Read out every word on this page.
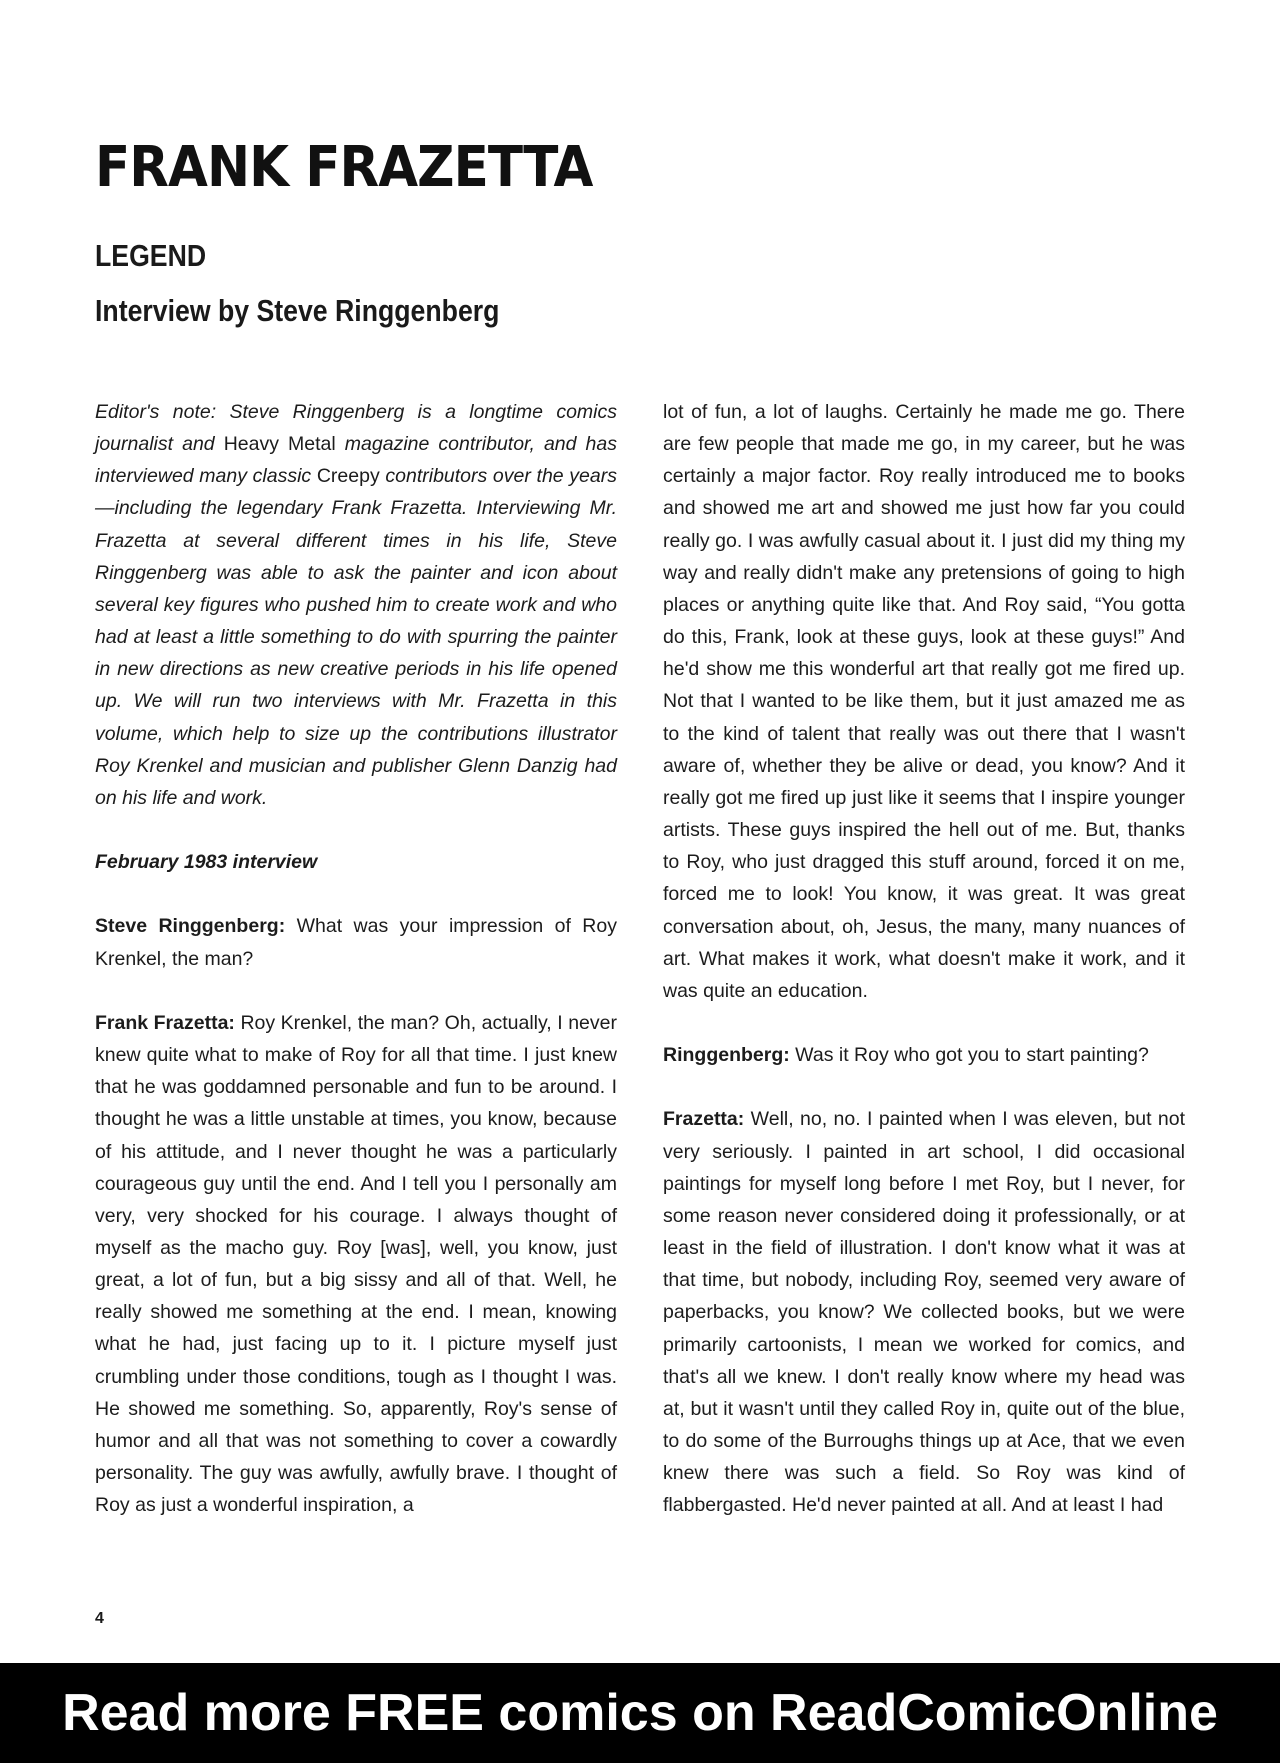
FRANK FRAZETTA
LEGEND
Interview by Steve Ringgenberg

Editor's note: Steve Ringgenberg is a longtime comics journalist and Heavy Metal magazine contributor, and has interviewed many classic Creepy contributors over the years—including the legendary Frank Frazetta. Interviewing Mr. Frazetta at several different times in his life, Steve Ringgenberg was able to ask the painter and icon about several key figures who pushed him to create work and who had at least a little something to do with spurring the painter in new directions as new creative periods in his life opened up. We will run two interviews with Mr. Frazetta in this volume, which help to size up the contributions illustrator Roy Krenkel and musician and publisher Glenn Danzig had on his life and work.

February 1983 interview

Steve Ringgenberg: What was your impression of Roy Krenkel, the man?

Frank Frazetta: Roy Krenkel, the man? Oh, actually, I never knew quite what to make of Roy for all that time. I just knew that he was goddamned personable and fun to be around. I thought he was a little unstable at times, you know, because of his attitude, and I never thought he was a particularly courageous guy until the end. And I tell you I personally am very, very shocked for his courage. I always thought of myself as the macho guy. Roy [was], well, you know, just great, a lot of fun, but a big sissy and all of that. Well, he really showed me something at the end. I mean, knowing what he had, just facing up to it. I picture myself just crumbling under those conditions, tough as I thought I was. He showed me something. So, apparently, Roy's sense of humor and all that was not something to cover a cowardly personality. The guy was awfully, awfully brave. I thought of Roy as just a wonderful inspiration, a

lot of fun, a lot of laughs. Certainly he made me go. There are few people that made me go, in my career, but he was certainly a major factor. Roy really introduced me to books and showed me art and showed me just how far you could really go. I was awfully casual about it. I just did my thing my way and really didn't make any pretensions of going to high places or anything quite like that. And Roy said, “You gotta do this, Frank, look at these guys, look at these guys!” And he'd show me this wonderful art that really got me fired up. Not that I wanted to be like them, but it just amazed me as to the kind of talent that really was out there that I wasn't aware of, whether they be alive or dead, you know? And it really got me fired up just like it seems that I inspire younger artists. These guys inspired the hell out of me. But, thanks to Roy, who just dragged this stuff around, forced it on me, forced me to look! You know, it was great. It was great conversation about, oh, Jesus, the many, many nuances of art. What makes it work, what doesn't make it work, and it was quite an education.

Ringgenberg: Was it Roy who got you to start painting?

Frazetta: Well, no, no. I painted when I was eleven, but not very seriously. I painted in art school, I did occasional paintings for myself long before I met Roy, but I never, for some reason never considered doing it professionally, or at least in the field of illustration. I don't know what it was at that time, but nobody, including Roy, seemed very aware of paperbacks, you know? We collected books, but we were primarily cartoonists, I mean we worked for comics, and that's all we knew. I don't really know where my head was at, but it wasn't until they called Roy in, quite out of the blue, to do some of the Burroughs things up at Ace, that we even knew there was such a field. So Roy was kind of flabbergasted. He'd never painted at all. And at least I had

4
Read more FREE comics on ReadComicOnline
